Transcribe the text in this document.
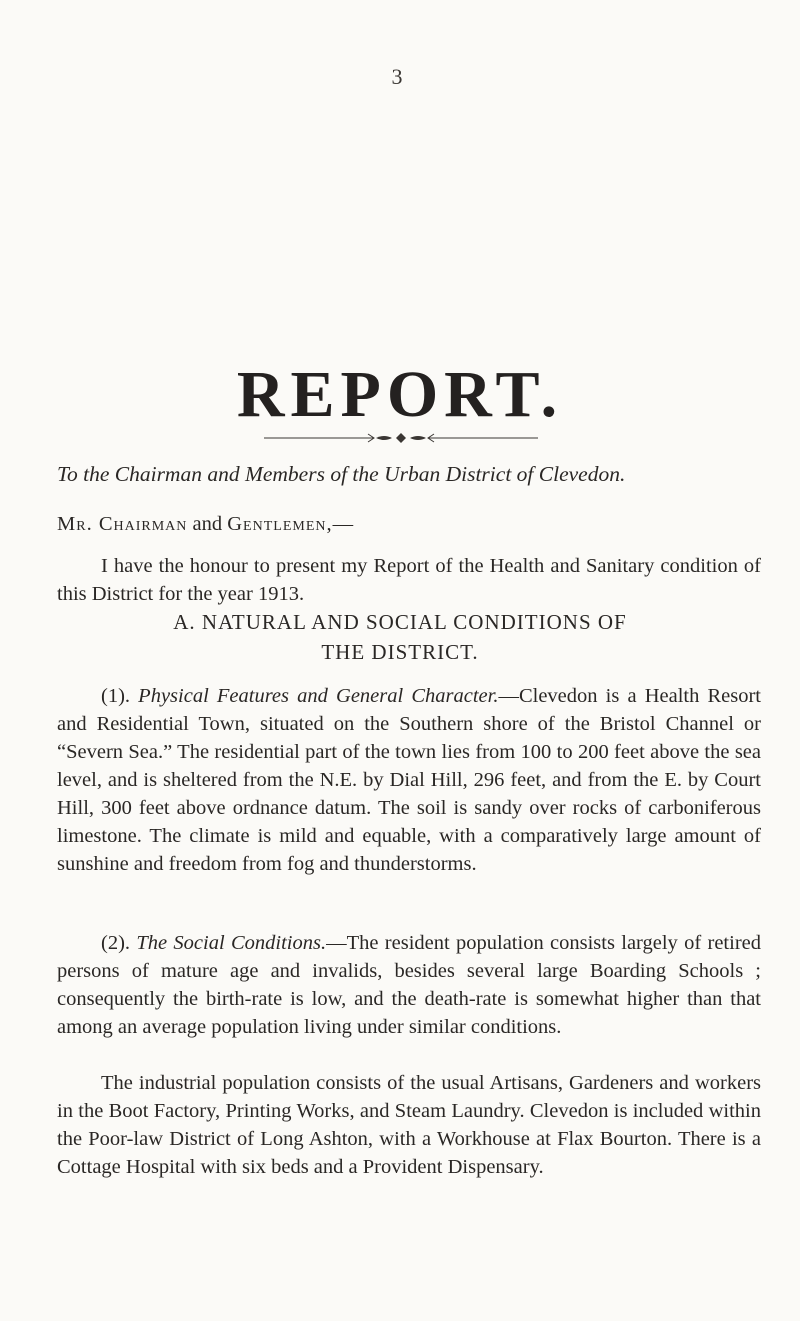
3
REPORT.

To the Chairman and Members of the Urban District of Clevedon.

Mr. Chairman and Gentlemen,—

I have the honour to present my Report of the Health and Sanitary condition of this District for the year 1913.

A. NATURAL AND SOCIAL CONDITIONS OF
THE DISTRICT.

(1). Physical Features and General Character.—Clevedon is a Health Resort and Residential Town, situated on the Southern shore of the Bristol Channel or “Severn Sea.” The residential part of the town lies from 100 to 200 feet above the sea level, and is sheltered from the N.E. by Dial Hill, 296 feet, and from the E. by Court Hill, 300 feet above ordnance datum. The soil is sandy over rocks of carboniferous limestone. The climate is mild and equable, with a comparatively large amount of sunshine and freedom from fog and thunderstorms.

(2). The Social Conditions.—The resident population consists largely of retired persons of mature age and invalids, besides several large Boarding Schools ; consequently the birth-rate is low, and the death-rate is somewhat higher than that among an average population living under similar conditions.

The industrial population consists of the usual Artisans, Gardeners and workers in the Boot Factory, Printing Works, and Steam Laundry. Clevedon is included within the Poor-law District of Long Ashton, with a Workhouse at Flax Bourton. There is a Cottage Hospital with six beds and a Provident Dispensary.
